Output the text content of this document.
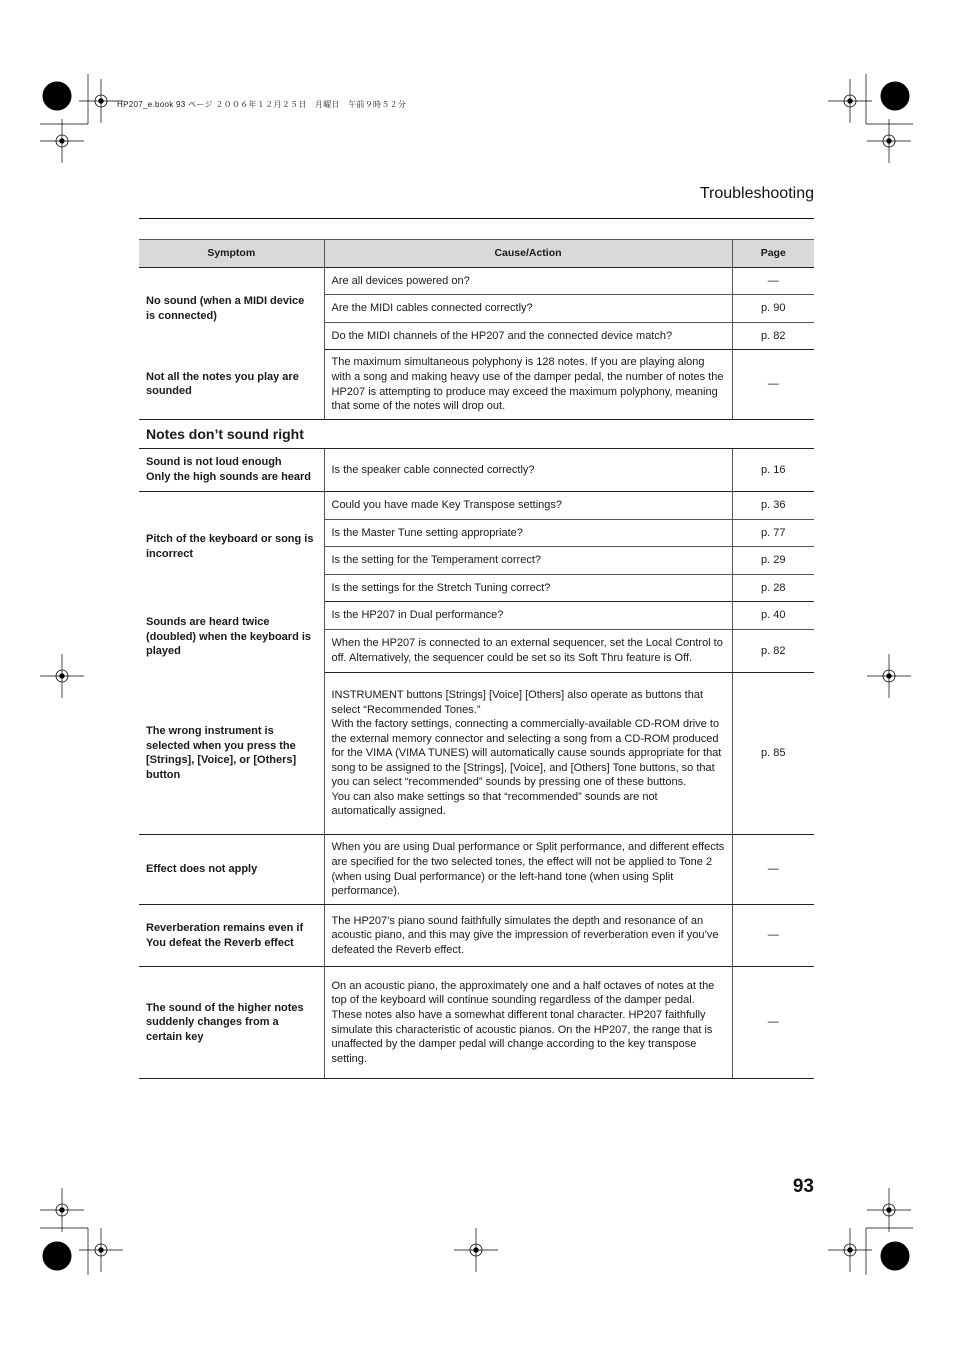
HP207_e.book 93 ページ ２００６年１２月２５日　月曜日　午前９時５２分
Troubleshooting
Symptom	Cause/Action	Page
No sound (when a MIDI device is connected)	Are all devices powered on?	—
	Are the MIDI cables connected correctly?	p. 90
	Do the MIDI channels of the HP207 and the connected device match?	p. 82
Not all the notes you play are sounded	The maximum simultaneous polyphony is 128 notes. If you are playing along with a song and making heavy use of the damper pedal, the number of notes the HP207 is attempting to produce may exceed the maximum polyphony, meaning that some of the notes will drop out.	—
Notes don’t sound right		
Sound is not loud enough
Only the high sounds are heard	Is the speaker cable connected correctly?	p. 16
Pitch of the keyboard or song is incorrect	Could you have made Key Transpose settings?	p. 36
	Is the Master Tune setting appropriate?	p. 77
	Is the setting for the Temperament correct?	p. 29
	Is the settings for the Stretch Tuning correct?	p. 28
Sounds are heard twice (doubled) when the keyboard is played	Is the HP207 in Dual performance?	p. 40
	When the HP207 is connected to an external sequencer, set the Local Control to off. Alternatively, the sequencer could be set so its Soft Thru feature is Off.	p. 82
The wrong instrument is selected when you press the [Strings], [Voice], or [Others] button	INSTRUMENT buttons [Strings] [Voice] [Others] also operate as buttons that select “Recommended Tones.”

With the factory settings, connecting a commercially-available CD-ROM drive to the external memory connector and selecting a song from a CD-ROM produced for the VIMA (VIMA TUNES) will automatically cause sounds appropriate for that song to be assigned to the [Strings], [Voice], and [Others] Tone buttons, so that you can select “recommended” sounds by pressing one of these buttons.

You can also make settings so that “recommended” sounds are not automatically assigned.	p. 85
Effect does not apply	When you are using Dual performance or Split performance, and different effects are specified for the two selected tones, the effect will not be applied to Tone 2 (when using Dual performance) or the left-hand tone (when using Split performance).	—
Reverberation remains even if You defeat the Reverb effect	The HP207’s piano sound faithfully simulates the depth and resonance of an acoustic piano, and this may give the impression of reverberation even if you’ve defeated the Reverb effect.	—
The sound of the higher notes suddenly changes from a certain key	On an acoustic piano, the approximately one and a half octaves of notes at the top of the keyboard will continue sounding regardless of the damper pedal. These notes also have a somewhat different tonal character. HP207 faithfully simulate this characteristic of acoustic pianos. On the HP207, the range that is unaffected by the damper pedal will change according to the key transpose setting.	—
93
